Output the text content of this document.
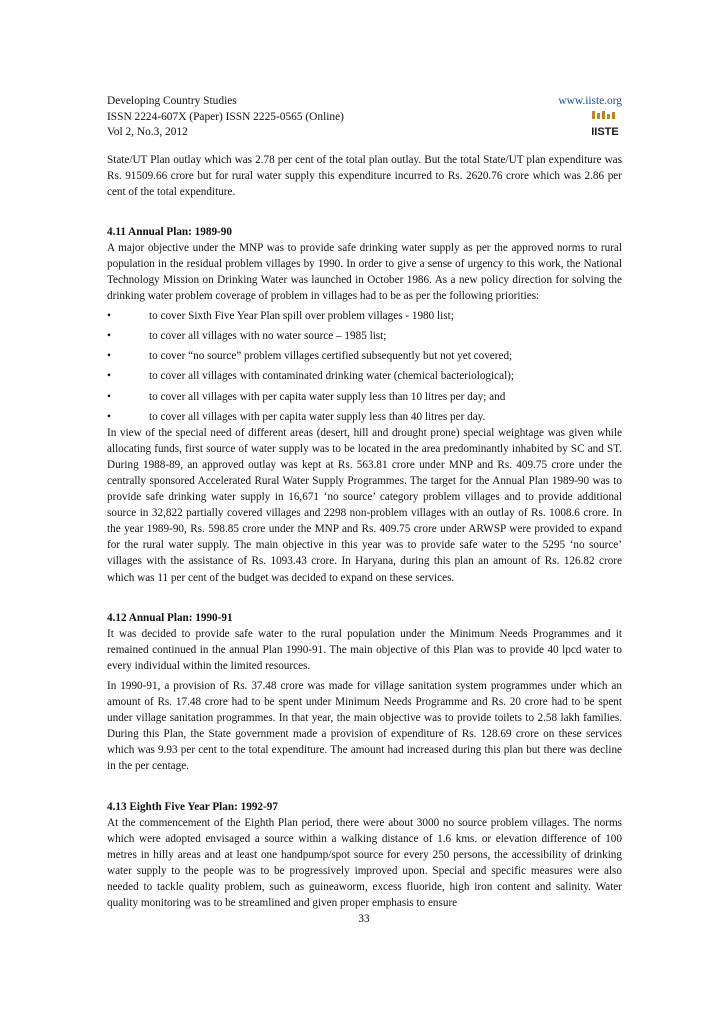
Developing Country Studies
ISSN 2224-607X (Paper) ISSN 2225-0565 (Online)
Vol 2, No.3, 2012
www.iiste.org
IISTE

State/UT Plan outlay which was 2.78 per cent of the total plan outlay. But the total State/UT plan expenditure was Rs. 91509.66 crore but for rural water supply this expenditure incurred to Rs. 2620.76 crore which was 2.86 per cent of the total expenditure.

4.11 Annual Plan: 1989-90

A major objective under the MNP was to provide safe drinking water supply as per the approved norms to rural population in the residual problem villages by 1990. In order to give a sense of urgency to this work, the National Technology Mission on Drinking Water was launched in October 1986. As a new policy direction for solving the drinking water problem coverage of problem in villages had to be as per the following priorities:

•	to cover Sixth Five Year Plan spill over problem villages - 1980 list;
•	to cover all villages with no water source – 1985 list;
•	to cover “no source” problem villages certified subsequently but not yet covered;
•	to cover all villages with contaminated drinking water (chemical bacteriological);
•	to cover all villages with per capita water supply less than 10 litres per day; and
•	to cover all villages with per capita water supply less than 40 litres per day.

In view of the special need of different areas (desert, hill and drought prone) special weightage was given while allocating funds, first source of water supply was to be located in the area predominantly inhabited by SC and ST. During 1988-89, an approved outlay was kept at Rs. 563.81 crore under MNP and Rs. 409.75 crore under the centrally sponsored Accelerated Rural Water Supply Programmes. The target for the Annual Plan 1989-90 was to provide safe drinking water supply in 16,671 ‘no source’ category problem villages and to provide additional source in 32,822 partially covered villages and 2298 non-problem villages with an outlay of Rs. 1008.6 crore. In the year 1989-90, Rs. 598.85 crore under the MNP and Rs. 409.75 crore under ARWSP were provided to expand for the rural water supply. The main objective in this year was to provide safe water to the 5295 ‘no source’ villages with the assistance of Rs. 1093.43 crore. In Haryana, during this plan an amount of Rs. 126.82 crore which was 11 per cent of the budget was decided to expand on these services.

4.12 Annual Plan: 1990-91

It was decided to provide safe water to the rural population under the Minimum Needs Programmes and it remained continued in the annual Plan 1990-91. The main objective of this Plan was to provide 40 lpcd water to every individual within the limited resources.

In 1990-91, a provision of Rs. 37.48 crore was made for village sanitation system programmes under which an amount of Rs. 17.48 crore had to be spent under Minimum Needs Programme and Rs. 20 crore had to be spent under village sanitation programmes. In that year, the main objective was to provide toilets to 2.58 lakh families. During this Plan, the State government made a provision of expenditure of Rs. 128.69 crore on these services which was 9.93 per cent to the total expenditure. The amount had increased during this plan but there was decline in the per centage.

4.13 Eighth Five Year Plan: 1992-97

At the commencement of the Eighth Plan period, there were about 3000 no source problem villages. The norms which were adopted envisaged a source within a walking distance of 1.6 kms. or elevation difference of 100 metres in hilly areas and at least one handpump/spot source for every 250 persons, the accessibility of drinking water supply to the people was to be progressively improved upon. Special and specific measures were also needed to tackle quality problem, such as guineaworm, excess fluoride, high iron content and salinity. Water quality monitoring was to be streamlined and given proper emphasis to ensure

33
